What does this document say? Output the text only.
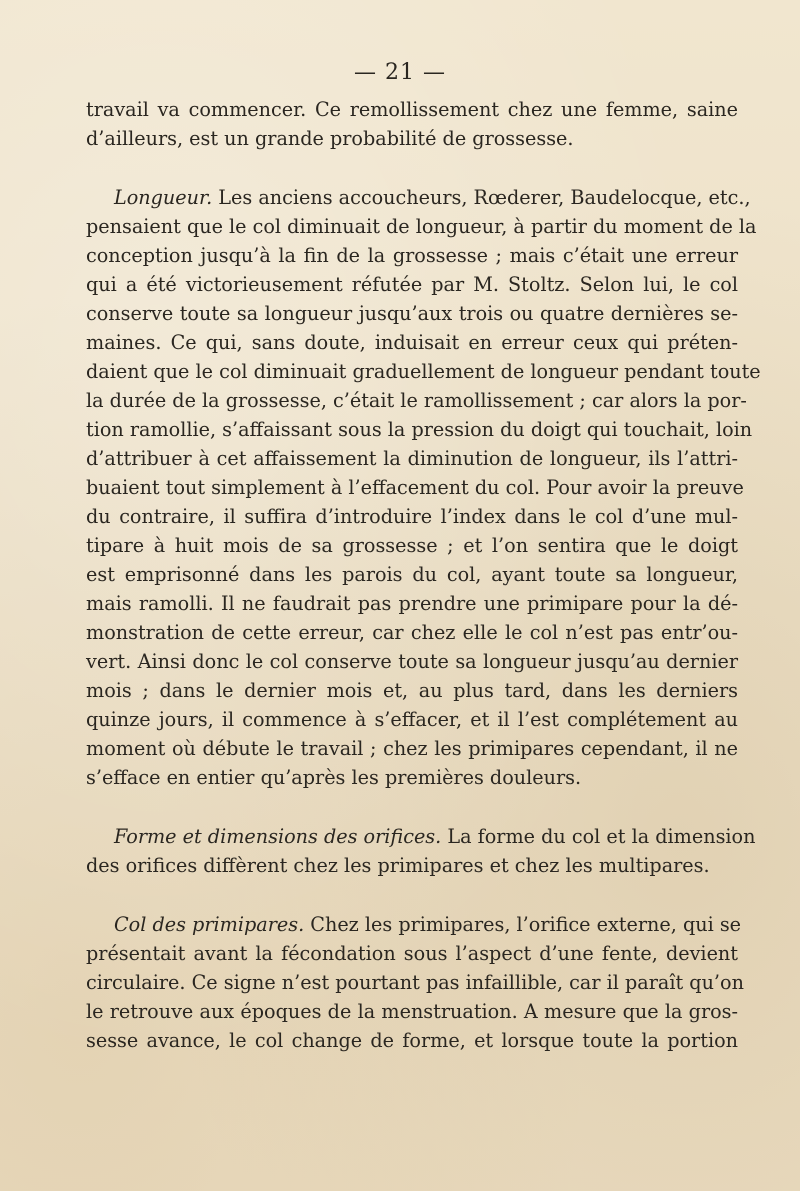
— 21 —
travail va commencer. Ce remollissement chez une femme, saine
d’ailleurs, est un grande probabilité de grossesse.
Longueur. Les anciens accoucheurs, Rœderer, Baudelocque, etc.,
pensaient que le col diminuait de longueur, à partir du moment de la
conception jusqu’à la fin de la grossesse ; mais c’était une erreur
qui a été victorieusement réfutée par M. Stoltz. Selon lui, le col
conserve toute sa longueur jusqu’aux trois ou quatre dernières se-
maines. Ce qui, sans doute, induisait en erreur ceux qui préten-
daient que le col diminuait graduellement de longueur pendant toute
la durée de la grossesse, c’était le ramollissement ; car alors la por-
tion ramollie, s’affaissant sous la pression du doigt qui touchait, loin
d’attribuer à cet affaissement la diminution de longueur, ils l’attri-
buaient tout simplement à l’effacement du col. Pour avoir la preuve
du contraire, il suffira d’introduire l’index dans le col d’une mul-
tipare à huit mois de sa grossesse ; et l’on sentira que le doigt
est emprisonné dans les parois du col, ayant toute sa longueur,
mais ramolli. Il ne faudrait pas prendre une primipare pour la dé-
monstration de cette erreur, car chez elle le col n’est pas entr’ou-
vert. Ainsi donc le col conserve toute sa longueur jusqu’au dernier
mois ; dans le dernier mois et, au plus tard, dans les derniers
quinze jours, il commence à s’effacer, et il l’est complétement au
moment où débute le travail ; chez les primipares cependant, il ne
s’efface en entier qu’après les premières douleurs.
Forme et dimensions des orifices. La forme du col et la dimension
des orifices diffèrent chez les primipares et chez les multipares.
Col des primipares. Chez les primipares, l’orifice externe, qui se
présentait avant la fécondation sous l’aspect d’une fente, devient
circulaire. Ce signe n’est pourtant pas infaillible, car il paraît qu’on
le retrouve aux époques de la menstruation. A mesure que la gros-
sesse avance, le col change de forme, et lorsque toute la portion
